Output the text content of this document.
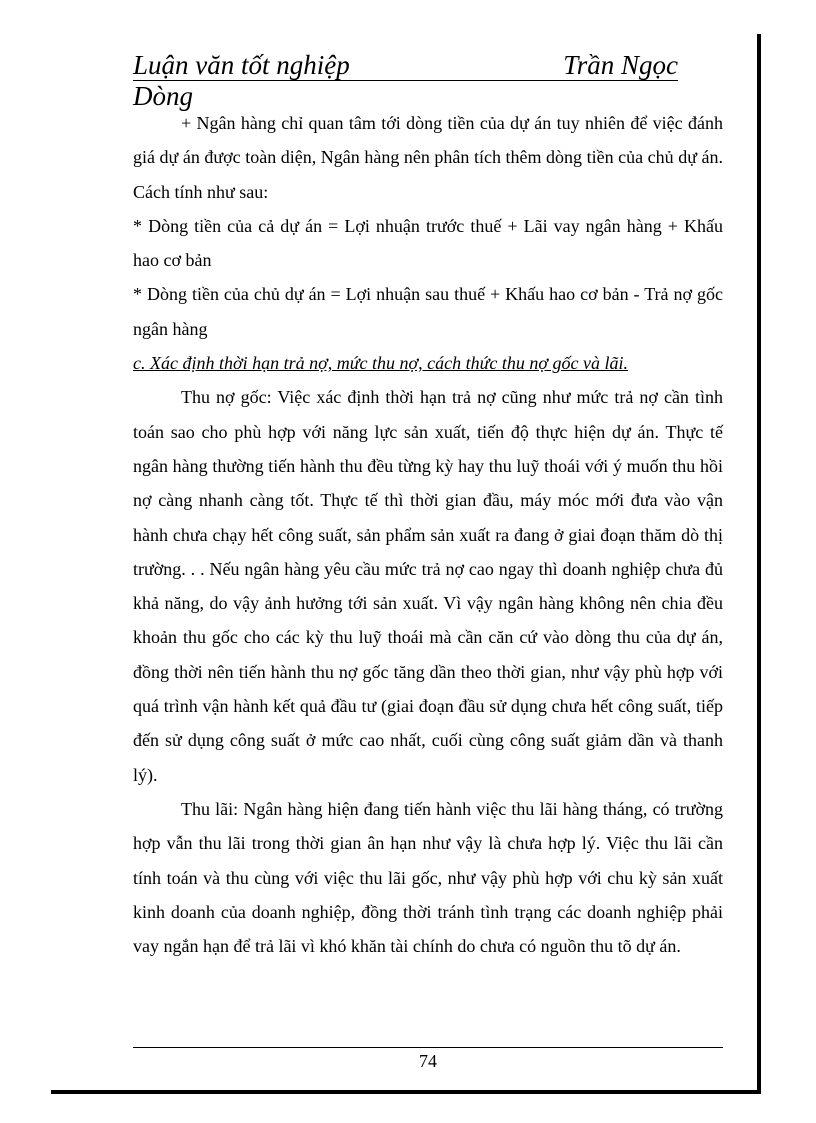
Luận văn tốt nghiệp	Trần Ngọc
Dòng

+ Ngân hàng chỉ quan tâm tới dòng tiền của dự án tuy nhiên để việc đánh giá dự án được toàn diện, Ngân hàng nên phân tích thêm dòng tiền của chủ dự án. Cách tính như sau:

* Dòng tiền của cả dự án = Lợi nhuận trước thuế + Lãi vay ngân hàng + Khấu hao cơ bản

* Dòng tiền của chủ dự án = Lợi nhuận sau thuế + Khấu hao cơ bản - Trả nợ gốc ngân hàng

c. Xác định thời hạn trả nợ, mức thu nợ, cách thức thu nợ gốc và lãi.

Thu nợ gốc: Việc xác định thời hạn trả nợ cũng như mức trả nợ cần tình toán sao cho phù hợp với năng lực sản xuất, tiến độ thực hiện dự án. Thực tế ngân hàng thường tiến hành thu đều từng kỳ hay thu luỹ thoái với ý muốn thu hồi nợ càng nhanh càng tốt. Thực tế thì thời gian đầu, máy móc mới đưa vào vận hành chưa chạy hết công suất, sản phẩm sản xuất ra đang ở giai đoạn thăm dò thị trường. . . Nếu ngân hàng yêu cầu mức trả nợ cao ngay thì doanh nghiệp chưa đủ khả năng, do vậy ảnh hưởng tới sản xuất. Vì vậy ngân hàng không nên chia đều khoản thu gốc cho các kỳ thu luỹ thoái mà cần căn cứ vào dòng thu của dự án, đồng thời nên tiến hành thu nợ gốc tăng dần theo thời gian, như vậy phù hợp với quá trình vận hành kết quả đầu tư (giai đoạn đầu sử dụng chưa hết công suất, tiếp đến sử dụng công suất ở mức cao nhất, cuối cùng công suất giảm dần và thanh lý).

Thu lãi: Ngân hàng hiện đang tiến hành việc thu lãi hàng tháng, có trường hợp vẫn thu lãi trong thời gian ân hạn như vậy là chưa hợp lý. Việc thu lãi cần tính toán và thu cùng với việc thu lãi gốc, như vậy phù hợp với chu kỳ sản xuất kinh doanh của doanh nghiệp, đồng thời tránh tình trạng các doanh nghiệp phải vay ngắn hạn để trả lãi vì khó khăn tài chính do chưa có nguồn thu tõ dự án.

74
